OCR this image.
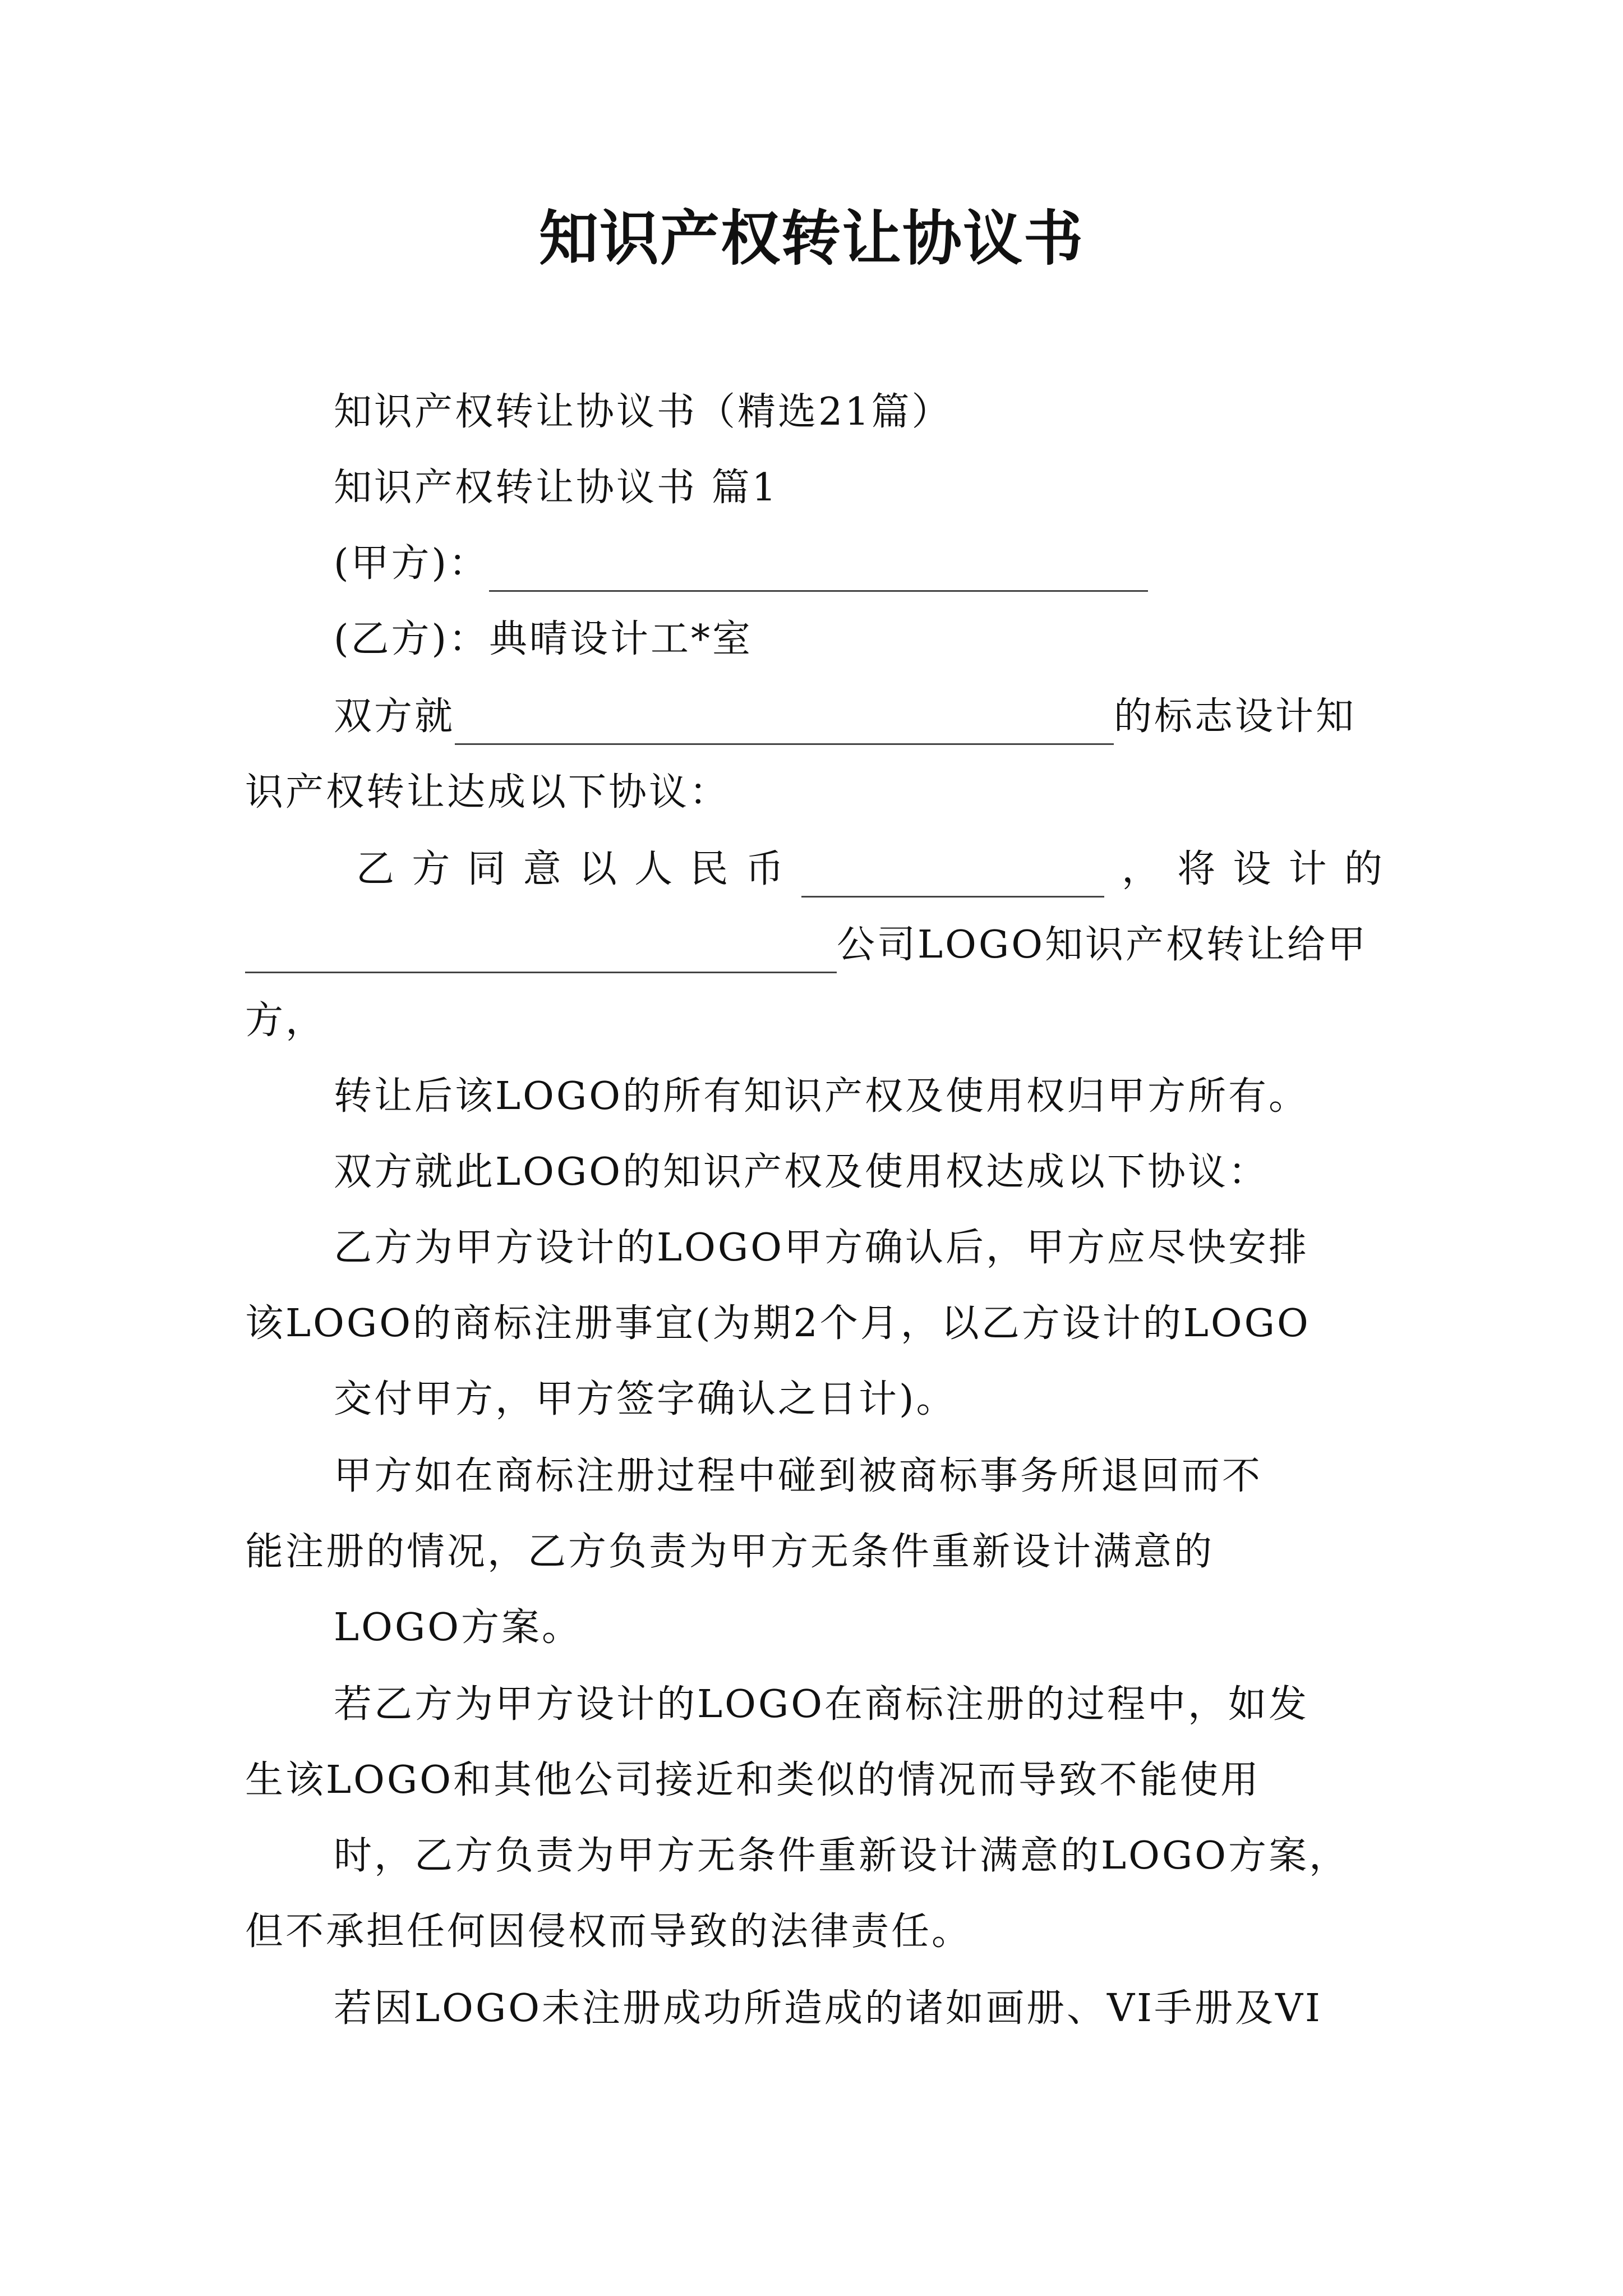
知识产权转让协议书
知识产权转让协议书（精选21篇）
知识产权转让协议书 篇1
(甲方)：
(乙方)：典晴设计工*室
双方就	的标志设计知
识产权转让达成以下协议：
乙 方 同 意 以 人 民 币	， 将 设 计 的
公司LOGO知识产权转让给甲
方，
转让后该LOGO的所有知识产权及使用权归甲方所有。
双方就此LOGO的知识产权及使用权达成以下协议：
乙方为甲方设计的LOGO甲方确认后，甲方应尽快安排
该LOGO的商标注册事宜(为期2个月，以乙方设计的LOGO
交付甲方，甲方签字确认之日计)。
甲方如在商标注册过程中碰到被商标事务所退回而不
能注册的情况，乙方负责为甲方无条件重新设计满意的
LOGO方案。
若乙方为甲方设计的LOGO在商标注册的过程中，如发
生该LOGO和其他公司接近和类似的情况而导致不能使用
时，乙方负责为甲方无条件重新设计满意的LOGO方案，
但不承担任何因侵权而导致的法律责任。
若因LOGO未注册成功所造成的诸如画册、VI手册及VI
